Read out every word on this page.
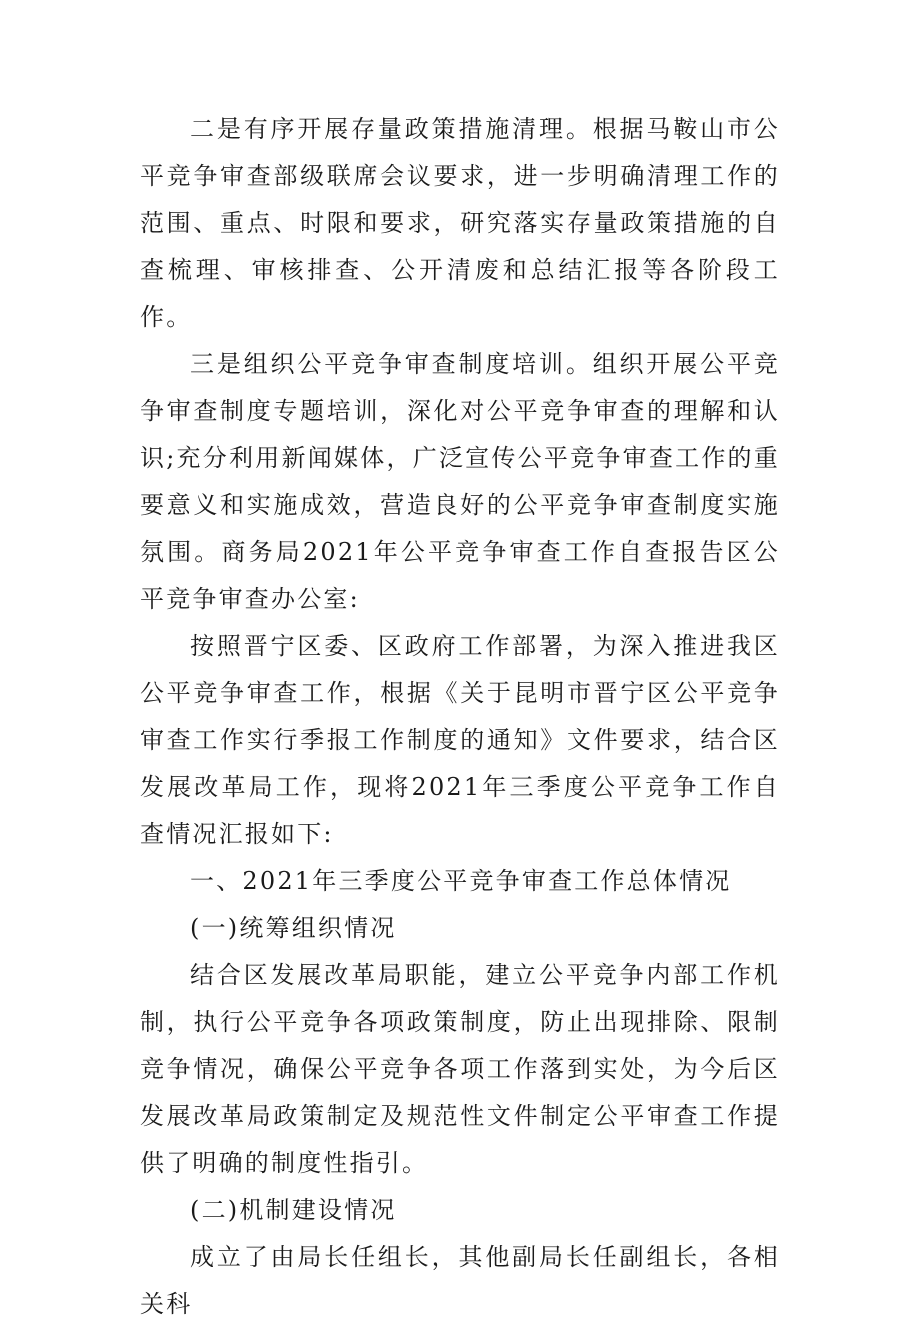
二是有序开展存量政策措施清理。根据马鞍山市公平竞争审查部级联席会议要求，进一步明确清理工作的范围、重点、时限和要求，研究落实存量政策措施的自查梳理、审核排查、公开清废和总结汇报等各阶段工作。

三是组织公平竞争审查制度培训。组织开展公平竞争审查制度专题培训，深化对公平竞争审查的理解和认识;充分利用新闻媒体，广泛宣传公平竞争审查工作的重要意义和实施成效，营造良好的公平竞争审查制度实施氛围。商务局2021年公平竞争审查工作自查报告区公平竞争审查办公室:

按照晋宁区委、区政府工作部署，为深入推进我区公平竞争审查工作，根据《关于昆明市晋宁区公平竞争审查工作实行季报工作制度的通知》文件要求，结合区发展改革局工作，现将2021年三季度公平竞争工作自查情况汇报如下:

一、2021年三季度公平竞争审查工作总体情况

(一)统筹组织情况

结合区发展改革局职能，建立公平竞争内部工作机制，执行公平竞争各项政策制度，防止出现排除、限制竞争情况，确保公平竞争各项工作落到实处，为今后区发展改革局政策制定及规范性文件制定公平审查工作提供了明确的制度性指引。

(二)机制建设情况

成立了由局长任组长，其他副局长任副组长，各相关科
